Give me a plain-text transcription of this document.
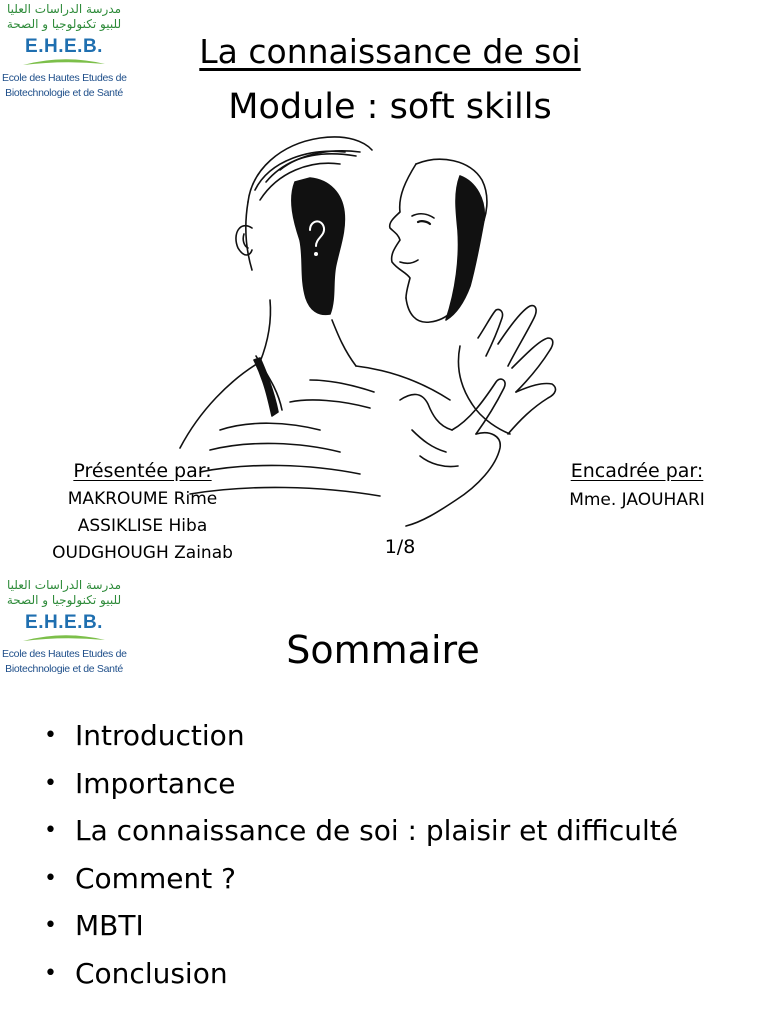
مدرسة الدراسات العليا
للبيو تكنولوجيا و الصحة
E.H.E.B.
Ecole des Hautes Etudes de
Biotechnologie et de Santé
La connaissance de soi
Module : soft skills
Présentée par:
MAKROUME Rime
ASSIKLISE Hiba
OUDGHOUGH Zainab
Encadrée par:
Mme. JAOUHARI
1/8
مدرسة الدراسات العليا
للبيو تكنولوجيا و الصحة
E.H.E.B.
Ecole des Hautes Etudes de
Biotechnologie et de Santé	Sommaire
• Introduction
• Importance
• La connaissance de soi : plaisir et difficulté
• Comment ?
• MBTI
• Conclusion
